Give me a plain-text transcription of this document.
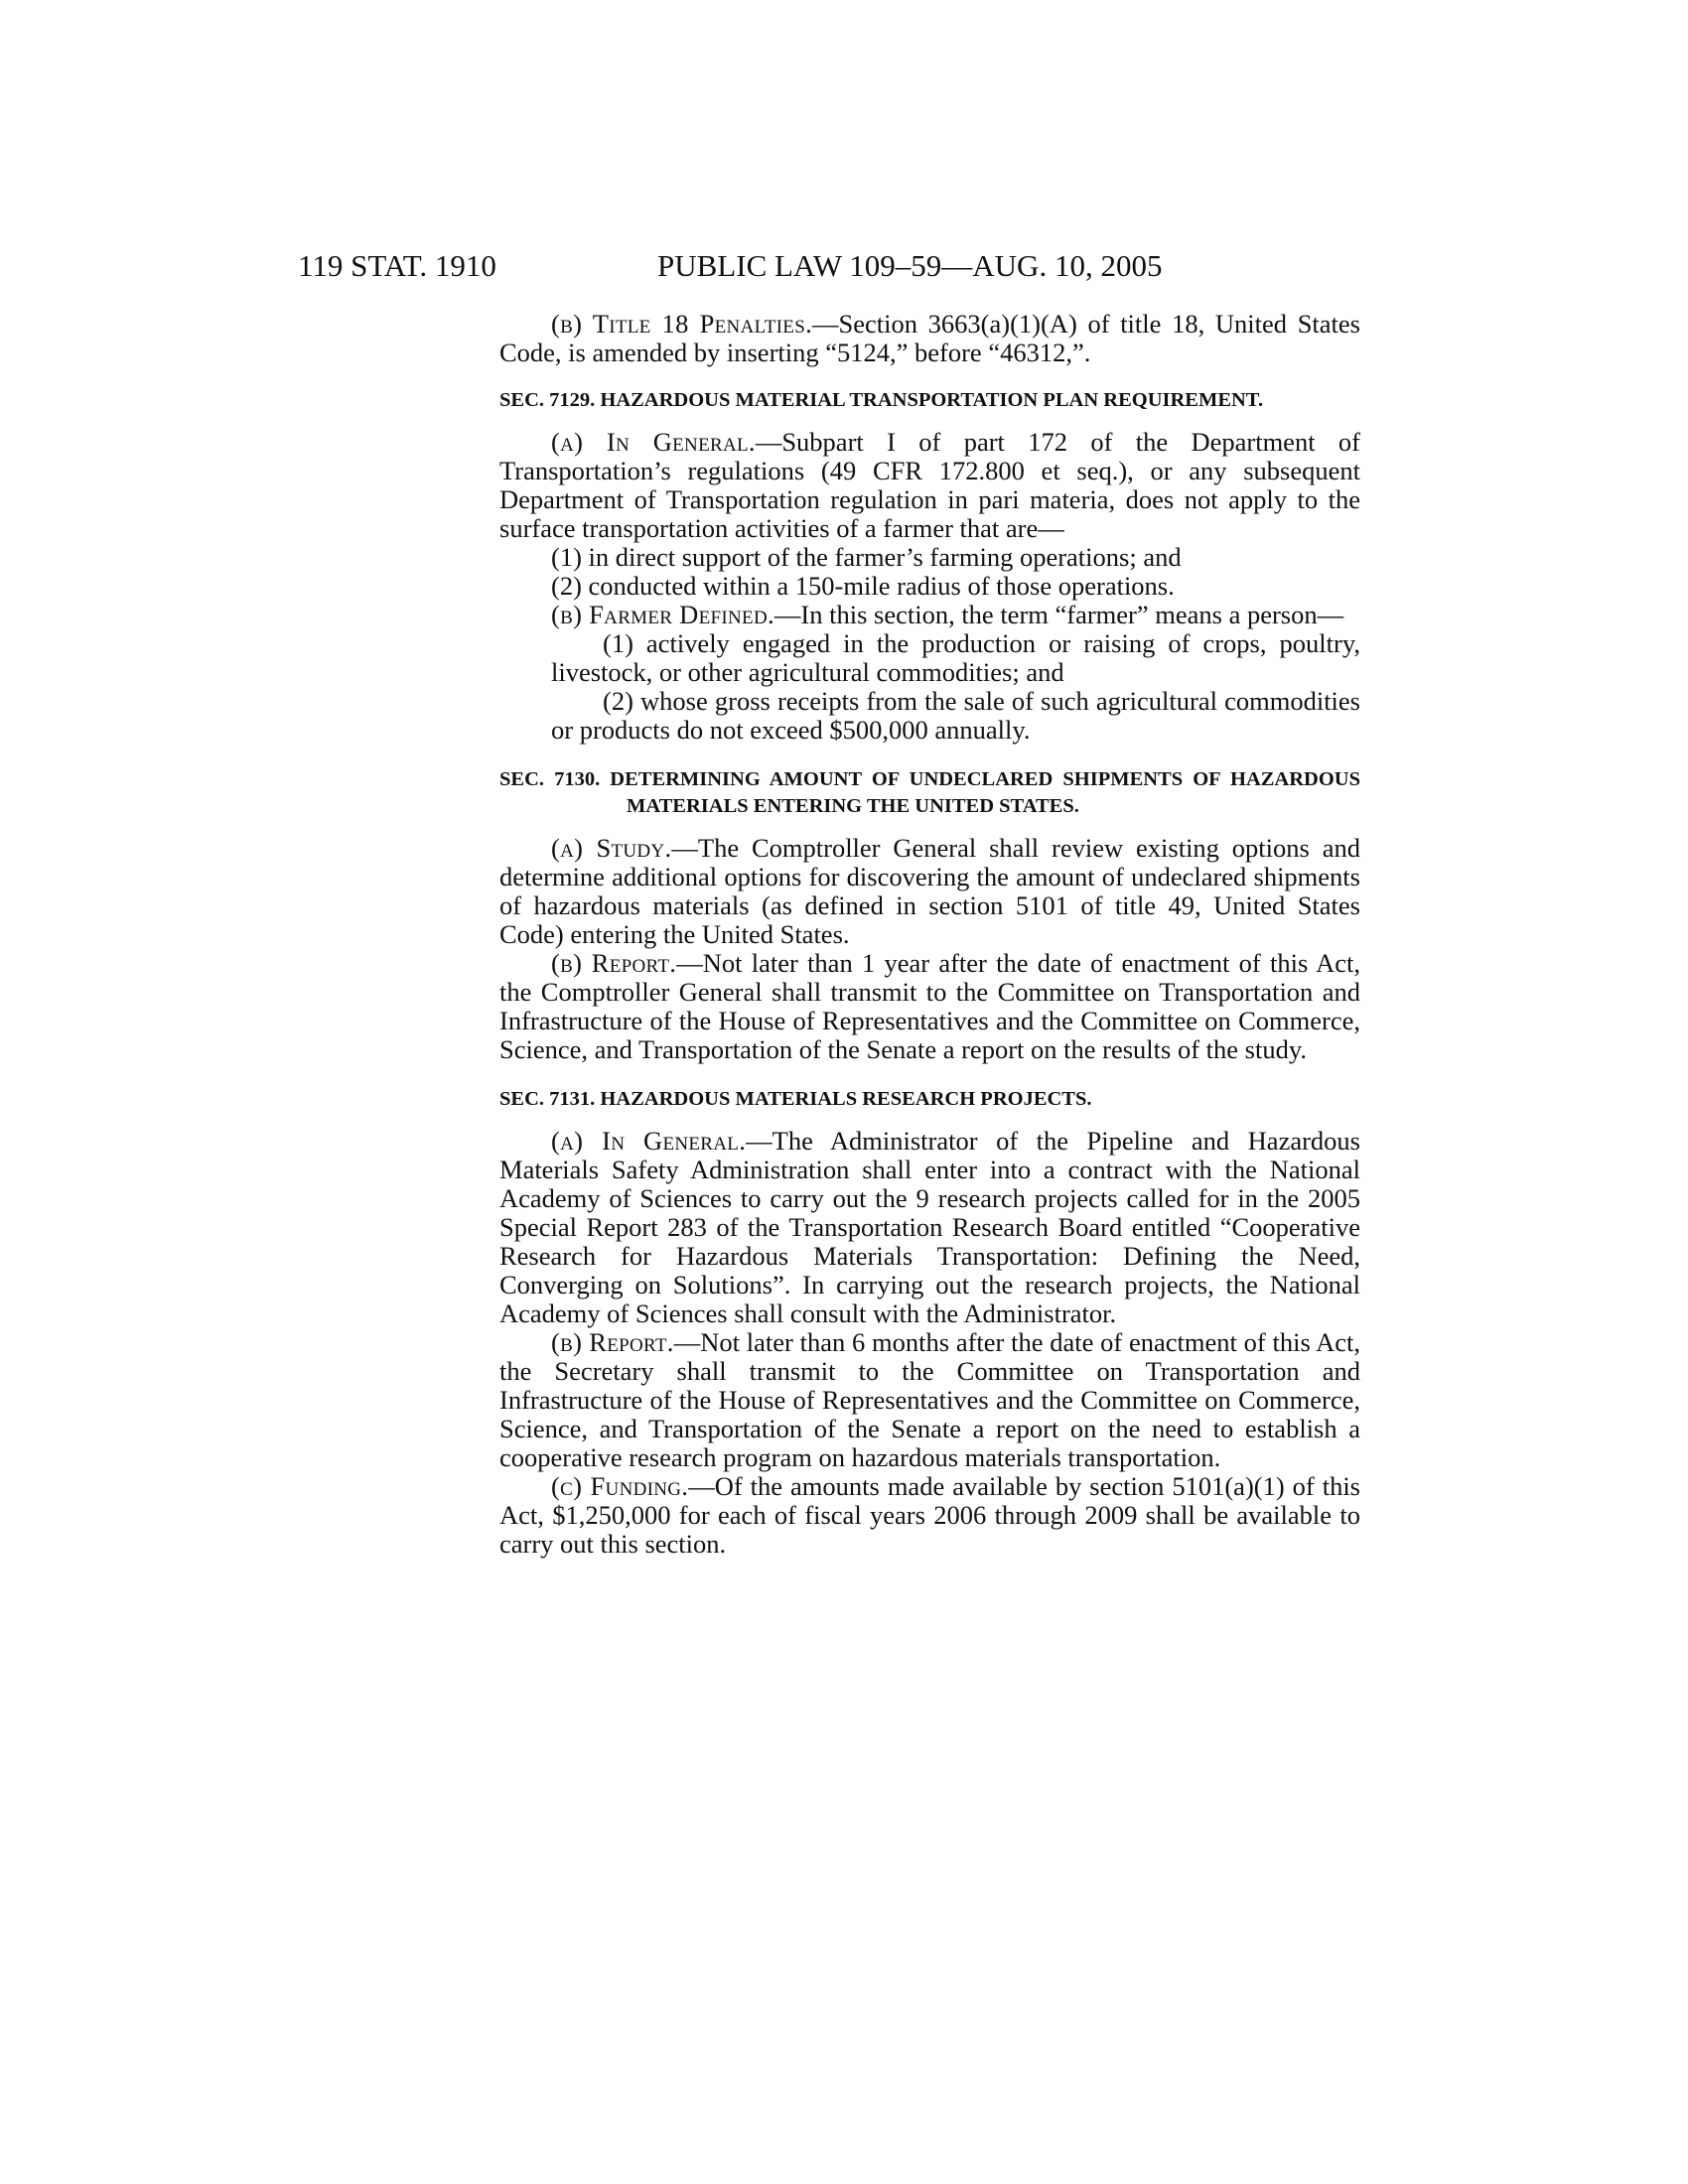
119 STAT. 1910	PUBLIC LAW 109–59—AUG. 10, 2005

(b) Title 18 Penalties.—Section 3663(a)(1)(A) of title 18, United States Code, is amended by inserting “5124,” before “46312,”.

SEC. 7129. HAZARDOUS MATERIAL TRANSPORTATION PLAN REQUIREMENT.

(a) In General.—Subpart I of part 172 of the Department of Transportation’s regulations (49 CFR 172.800 et seq.), or any subsequent Department of Transportation regulation in pari materia, does not apply to the surface transportation activities of a farmer that are—

(1) in direct support of the farmer’s farming operations; and

(2) conducted within a 150-mile radius of those operations.

(b) Farmer Defined.—In this section, the term “farmer” means a person—

(1) actively engaged in the production or raising of crops, poultry, livestock, or other agricultural commodities; and

(2) whose gross receipts from the sale of such agricultural commodities or products do not exceed $500,000 annually.

SEC. 7130. DETERMINING AMOUNT OF UNDECLARED SHIPMENTS OF HAZARDOUS MATERIALS ENTERING THE UNITED STATES.

(a) Study.—The Comptroller General shall review existing options and determine additional options for discovering the amount of undeclared shipments of hazardous materials (as defined in section 5101 of title 49, United States Code) entering the United States.

(b) Report.—Not later than 1 year after the date of enactment of this Act, the Comptroller General shall transmit to the Committee on Transportation and Infrastructure of the House of Representatives and the Committee on Commerce, Science, and Transportation of the Senate a report on the results of the study.

SEC. 7131. HAZARDOUS MATERIALS RESEARCH PROJECTS.

(a) In General.—The Administrator of the Pipeline and Hazardous Materials Safety Administration shall enter into a contract with the National Academy of Sciences to carry out the 9 research projects called for in the 2005 Special Report 283 of the Transportation Research Board entitled “Cooperative Research for Hazardous Materials Transportation: Defining the Need, Converging on Solutions”. In carrying out the research projects, the National Academy of Sciences shall consult with the Administrator.

(b) Report.—Not later than 6 months after the date of enactment of this Act, the Secretary shall transmit to the Committee on Transportation and Infrastructure of the House of Representatives and the Committee on Commerce, Science, and Transportation of the Senate a report on the need to establish a cooperative research program on hazardous materials transportation.

(c) Funding.—Of the amounts made available by section 5101(a)(1) of this Act, $1,250,000 for each of fiscal years 2006 through 2009 shall be available to carry out this section.
